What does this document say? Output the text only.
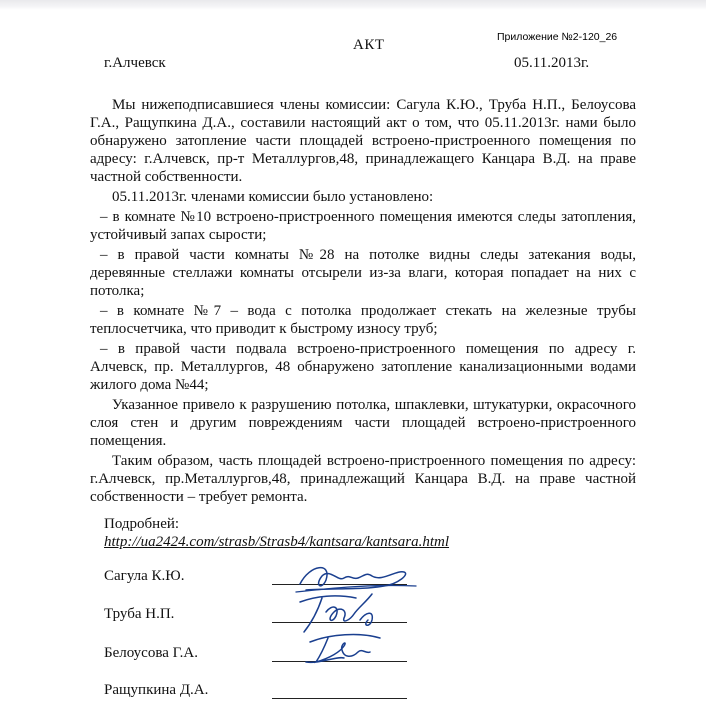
Приложение №2-120_26
АКТ
г.Алчевск	05.11.2013г.

Мы нижеподписавшиеся члены комиссии: Сагула К.Ю., Труба Н.П., Белоусова Г.А., Ращупкина Д.А., составили настоящий акт о том, что 05.11.2013г. нами было обнаружено затопление части площадей встроено-пристроенного помещения по адресу: г.Алчевск, пр-т Металлургов,48, принадлежащего Канцара В.Д. на праве частной собственности.

05.11.2013г. членами комиссии было установлено:

– в комнате №10 встроено-пристроенного помещения имеются следы затопления, устойчивый запах сырости;

– в правой части комнаты №28 на потолке видны следы затекания воды, деревянные стеллажи комнаты отсырели из-за влаги, которая попадает на них с потолка;

– в комнате №7 – вода с потолка продолжает стекать на железные трубы теплосчетчика, что приводит к быстрому износу труб;

– в правой части подвала встроено-пристроенного помещения по адресу г. Алчевск, пр. Металлургов, 48 обнаружено затопление канализационными водами жилого дома №44;

Указанное привело к разрушению потолка, шпаклевки, штукатурки, окрасочного слоя стен и другим повреждениям части площадей встроено-пристроенного помещения.

Таким образом, часть площадей встроено-пристроенного помещения по адресу: г.Алчевск, пр.Металлургов,48, принадлежащий Канцара В.Д. на праве частной собственности – требует ремонта.

Подробней:
http://ua2424.com/strasb/Strasb4/kantsara/kantsara.html
Сагула К.Ю.
Труба Н.П.
Белоусова Г.А.
Ращупкина Д.А.
